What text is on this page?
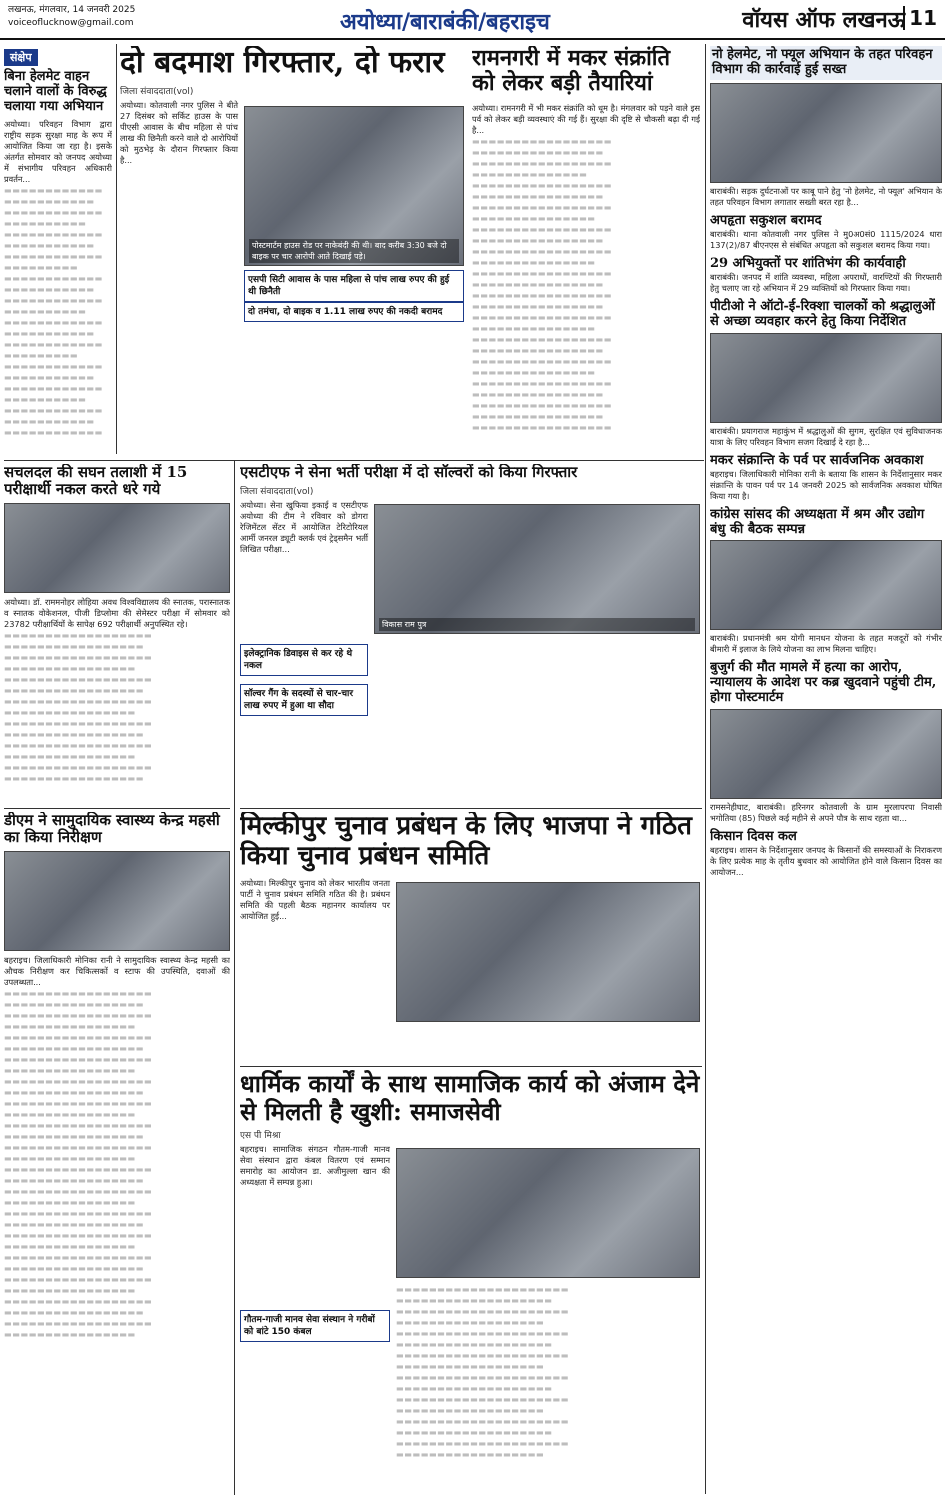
लखनऊ, मंगलवार, 14 जनवरी 2025
voiceoflucknow@gmail.com	अयोध्या/बाराबंकी/बहराइच	वॉयस ऑफ लखनऊ 11
संक्षेप
बिना हेलमेट वाहन चलाने वालों के विरुद्ध चलाया गया अभियान
अयोध्या। परिवहन विभाग द्वारा राष्ट्रीय सड़क सुरक्षा माह के रूप में आयोजित किया जा रहा है। इसके अंतर्गत सोमवार को जनपद अयोध्या में संभागीय परिवहन अधिकारी प्रवर्तन...
▬▬▬▬▬▬▬▬▬▬▬▬ ▬▬▬▬▬▬▬▬▬▬▬ ▬▬▬▬▬▬▬▬▬▬▬▬ ▬▬▬▬▬▬▬▬▬▬ ▬▬▬▬▬▬▬▬▬▬▬▬ ▬▬▬▬▬▬▬▬▬▬▬ ▬▬▬▬▬▬▬▬▬▬▬▬ ▬▬▬▬▬▬▬▬▬ ▬▬▬▬▬▬▬▬▬▬▬▬ ▬▬▬▬▬▬▬▬▬▬▬ ▬▬▬▬▬▬▬▬▬▬▬▬ ▬▬▬▬▬▬▬▬▬▬ ▬▬▬▬▬▬▬▬▬▬▬▬ ▬▬▬▬▬▬▬▬▬▬▬ ▬▬▬▬▬▬▬▬▬▬▬▬ ▬▬▬▬▬▬▬▬▬ ▬▬▬▬▬▬▬▬▬▬▬▬ ▬▬▬▬▬▬▬▬▬▬▬ ▬▬▬▬▬▬▬▬▬▬▬▬ ▬▬▬▬▬▬▬▬▬▬ ▬▬▬▬▬▬▬▬▬▬▬▬ ▬▬▬▬▬▬▬▬▬▬▬ ▬▬▬▬▬▬▬▬▬▬▬▬
दो बदमाश गिरफ्तार, दो फरार
जिला संवाददाता(vol)
अयोध्या। कोतवाली नगर पुलिस ने बीते 27 दिसंबर को सर्किट हाउस के पास पीएसी आवास के बीच महिला से पांच लाख की छिनैती करने वाले दो आरोपियों को मुठभेड़ के दौरान गिरफ्तार किया है...
पोस्टमार्टम हाउस रोड पर नाकेबंदी की थी। बाद करीब 3:30 बजे दो बाइक पर चार आरोपी आते दिखाई पड़े।
एसपी सिटी आवास के पास महिला से पांच लाख रुपए की हुई थी छिनैती
दो तमंचा, दो बाइक व 1.11 लाख रुपए की नकदी बरामद
रामनगरी में मकर संक्रांति को लेकर बड़ी तैयारियां
अयोध्या। रामनगरी में भी मकर संक्रांति को धूम है। मंगलवार को पड़ने वाले इस पर्व को लेकर बड़ी व्यवस्थाएं की गई हैं। सुरक्षा की दृष्टि से चौकसी बढ़ा दी गई है...
▬▬▬▬▬▬▬▬▬▬▬▬▬▬▬▬▬ ▬▬▬▬▬▬▬▬▬▬▬▬▬▬▬▬ ▬▬▬▬▬▬▬▬▬▬▬▬▬▬▬▬▬ ▬▬▬▬▬▬▬▬▬▬▬▬▬▬ ▬▬▬▬▬▬▬▬▬▬▬▬▬▬▬▬▬ ▬▬▬▬▬▬▬▬▬▬▬▬▬▬▬▬ ▬▬▬▬▬▬▬▬▬▬▬▬▬▬▬▬▬ ▬▬▬▬▬▬▬▬▬▬▬▬▬▬▬ ▬▬▬▬▬▬▬▬▬▬▬▬▬▬▬▬▬ ▬▬▬▬▬▬▬▬▬▬▬▬▬▬▬▬ ▬▬▬▬▬▬▬▬▬▬▬▬▬▬▬▬▬ ▬▬▬▬▬▬▬▬▬▬▬▬▬▬▬ ▬▬▬▬▬▬▬▬▬▬▬▬▬▬▬▬▬ ▬▬▬▬▬▬▬▬▬▬▬▬▬▬▬▬ ▬▬▬▬▬▬▬▬▬▬▬▬▬▬▬▬▬ ▬▬▬▬▬▬▬▬▬▬▬▬▬▬▬▬ ▬▬▬▬▬▬▬▬▬▬▬▬▬▬▬▬▬ ▬▬▬▬▬▬▬▬▬▬▬▬▬▬▬ ▬▬▬▬▬▬▬▬▬▬▬▬▬▬▬▬▬ ▬▬▬▬▬▬▬▬▬▬▬▬▬▬▬▬ ▬▬▬▬▬▬▬▬▬▬▬▬▬▬▬▬▬ ▬▬▬▬▬▬▬▬▬▬▬▬▬▬▬ ▬▬▬▬▬▬▬▬▬▬▬▬▬▬▬▬▬ ▬▬▬▬▬▬▬▬▬▬▬▬▬▬▬▬ ▬▬▬▬▬▬▬▬▬▬▬▬▬▬▬▬▬ ▬▬▬▬▬▬▬▬▬▬▬▬▬▬▬▬ ▬▬▬▬▬▬▬▬▬▬▬▬▬▬▬▬▬
नो हेलमेट, नो फ्यूल अभियान के तहत परिवहन विभाग की कार्रवाई हुई सख्त
बाराबंकी। सड़क दुर्घटनाओं पर काबू पाने हेतु 'नो हेलमेट, नो फ्यूल' अभियान के तहत परिवहन विभाग लगातार सख्ती बरत रहा है...
अपहृता सकुशल बरामद
बाराबंकी। थाना कोतवाली नगर पुलिस ने मु0अ0सं0 1115/2024 धारा 137(2)/87 बीएनएस से संबंधित अपहृता को सकुशल बरामद किया गया।
29 अभियुक्तों पर शांतिभंग की कार्यवाही
बाराबंकी। जनपद में शांति व्यवस्था, महिला अपराधों, वारण्टियों की गिरफ्तारी हेतु चलाए जा रहे अभियान में 29 व्यक्तियों को गिरफ्तार किया गया।
पीटीओ ने ऑटो-ई-रिक्शा चालकों को श्रद्धालुओं से अच्छा व्यवहार करने हेतु किया निर्देशित
बाराबंकी। प्रयागराज महाकुंभ में श्रद्धालुओं की सुगम, सुरक्षित एवं सुविधाजनक यात्रा के लिए परिवहन विभाग सजग दिखाई दे रहा है...
मकर संक्रान्ति के पर्व पर सार्वजनिक अवकाश
बहराइच। जिलाधिकारी मोनिका रानी के बताया कि शासन के निर्देशानुसार मकर संक्रान्ति के पावन पर्व पर 14 जनवरी 2025 को सार्वजनिक अवकाश घोषित किया गया है।
कांग्रेस सांसद की अध्यक्षता में श्रम और उद्योग बंधु की बैठक सम्पन्न
बाराबंकी। प्रधानमंत्री श्रम योगी मानधन योजना के तहत मजदूरों को गंभीर बीमारी में इलाज के लिये योजना का लाभ मिलना चाहिए।
बुजुर्ग की मौत मामले में हत्या का आरोप, न्यायालय के आदेश पर कब्र खुदवाने पहुंची टीम, होगा पोस्टमार्टम
रामसनेहीघाट, बाराबंकी। हरिनगर कोतवाली के ग्राम मुरलापरपा निवासी भगोतिया (85) पिछले कई महीने से अपने पौत्र के साथ रहता था...
किसान दिवस कल
बहराइच। शासन के निर्देशानुसार जनपद के किसानों की समस्याओं के निराकरण के लिए प्रत्येक माह के तृतीय बुधवार को आयोजित होने वाले किसान दिवस का आयोजन...
सचलदल की सघन तलाशी में 15 परीक्षार्थी नकल करते धरे गये
अयोध्या। डॉ. राममनोहर लोहिया अवध विश्वविद्यालय की स्नातक, परास्नातक व स्नातक वोकेशनल, पीजी डिप्लोमा की सेमेस्टर परीक्षा में सोमवार को 23782 परीक्षार्थियों के सापेक्ष 692 परीक्षार्थी अनुपस्थित रहे।
▬▬▬▬▬▬▬▬▬▬▬▬▬▬▬▬▬▬ ▬▬▬▬▬▬▬▬▬▬▬▬▬▬▬▬▬ ▬▬▬▬▬▬▬▬▬▬▬▬▬▬▬▬▬▬ ▬▬▬▬▬▬▬▬▬▬▬▬▬▬▬▬ ▬▬▬▬▬▬▬▬▬▬▬▬▬▬▬▬▬▬ ▬▬▬▬▬▬▬▬▬▬▬▬▬▬▬▬▬ ▬▬▬▬▬▬▬▬▬▬▬▬▬▬▬▬▬▬ ▬▬▬▬▬▬▬▬▬▬▬▬▬▬▬▬ ▬▬▬▬▬▬▬▬▬▬▬▬▬▬▬▬▬▬ ▬▬▬▬▬▬▬▬▬▬▬▬▬▬▬▬▬ ▬▬▬▬▬▬▬▬▬▬▬▬▬▬▬▬▬▬ ▬▬▬▬▬▬▬▬▬▬▬▬▬▬▬▬ ▬▬▬▬▬▬▬▬▬▬▬▬▬▬▬▬▬▬ ▬▬▬▬▬▬▬▬▬▬▬▬▬▬▬▬▬
एसटीएफ ने सेना भर्ती परीक्षा में दो सॉल्वरों को किया गिरफ्तार
जिला संवाददाता(vol)
अयोध्या। सेना खुफिया इकाई व एसटीएफ अयोध्या की टीम ने रविवार को डोगरा रेजिमेंटल सेंटर में आयोजित टेरिटोरियल आर्मी जनरल ड्यूटी क्लर्क एवं ट्रेड्समैन भर्ती लिखित परीक्षा...
विकास राम पुत्र
इलेक्ट्रानिक डिवाइस से कर रहे थे नकल
सॉल्वर गैंग के सदस्यों से चार-चार लाख रुपए में हुआ था सौदा
डीएम ने सामुदायिक स्वास्थ्य केन्द्र महसी का किया निरीक्षण
बहराइच। जिलाधिकारी मोनिका रानी ने सामुदायिक स्वास्थ्य केन्द्र महसी का औचक निरीक्षण कर चिकित्सकों व स्टाफ की उपस्थिति, दवाओं की उपलब्धता...
▬▬▬▬▬▬▬▬▬▬▬▬▬▬▬▬▬▬ ▬▬▬▬▬▬▬▬▬▬▬▬▬▬▬▬▬ ▬▬▬▬▬▬▬▬▬▬▬▬▬▬▬▬▬▬ ▬▬▬▬▬▬▬▬▬▬▬▬▬▬▬▬ ▬▬▬▬▬▬▬▬▬▬▬▬▬▬▬▬▬▬ ▬▬▬▬▬▬▬▬▬▬▬▬▬▬▬▬▬ ▬▬▬▬▬▬▬▬▬▬▬▬▬▬▬▬▬▬ ▬▬▬▬▬▬▬▬▬▬▬▬▬▬▬▬ ▬▬▬▬▬▬▬▬▬▬▬▬▬▬▬▬▬▬ ▬▬▬▬▬▬▬▬▬▬▬▬▬▬▬▬▬ ▬▬▬▬▬▬▬▬▬▬▬▬▬▬▬▬▬▬ ▬▬▬▬▬▬▬▬▬▬▬▬▬▬▬▬ ▬▬▬▬▬▬▬▬▬▬▬▬▬▬▬▬▬▬ ▬▬▬▬▬▬▬▬▬▬▬▬▬▬▬▬▬ ▬▬▬▬▬▬▬▬▬▬▬▬▬▬▬▬▬▬ ▬▬▬▬▬▬▬▬▬▬▬▬▬▬▬▬ ▬▬▬▬▬▬▬▬▬▬▬▬▬▬▬▬▬▬ ▬▬▬▬▬▬▬▬▬▬▬▬▬▬▬▬▬ ▬▬▬▬▬▬▬▬▬▬▬▬▬▬▬▬▬▬ ▬▬▬▬▬▬▬▬▬▬▬▬▬▬▬▬ ▬▬▬▬▬▬▬▬▬▬▬▬▬▬▬▬▬▬ ▬▬▬▬▬▬▬▬▬▬▬▬▬▬▬▬▬ ▬▬▬▬▬▬▬▬▬▬▬▬▬▬▬▬▬▬ ▬▬▬▬▬▬▬▬▬▬▬▬▬▬▬▬ ▬▬▬▬▬▬▬▬▬▬▬▬▬▬▬▬▬▬ ▬▬▬▬▬▬▬▬▬▬▬▬▬▬▬▬▬ ▬▬▬▬▬▬▬▬▬▬▬▬▬▬▬▬▬▬ ▬▬▬▬▬▬▬▬▬▬▬▬▬▬▬▬ ▬▬▬▬▬▬▬▬▬▬▬▬▬▬▬▬▬▬ ▬▬▬▬▬▬▬▬▬▬▬▬▬▬▬▬▬ ▬▬▬▬▬▬▬▬▬▬▬▬▬▬▬▬▬▬ ▬▬▬▬▬▬▬▬▬▬▬▬▬▬▬▬
मिल्कीपुर चुनाव प्रबंधन के लिए भाजपा ने गठित किया चुनाव प्रबंधन समिति
अयोध्या। मिल्कीपुर चुनाव को लेकर भारतीय जनता पार्टी ने चुनाव प्रबंधन समिति गठित की है। प्रबंधन समिति की पहली बैठक महानगर कार्यालय पर आयोजित हुई...
धार्मिक कार्यों के साथ सामाजिक कार्य को अंजाम देने से मिलती है खुशी: समाजसेवी
एस पी मिश्रा
बहराइच। सामाजिक संगठन गौतम-गाजी मानव सेवा संस्थान द्वारा कंबल वितरण एवं सम्मान समारोह का आयोजन डा. अजीमुल्ला खान की अध्यक्षता में सम्पन्न हुआ।
गौतम-गाजी मानव सेवा संस्थान ने गरीबों को बांटे 150 कंबल
▬▬▬▬▬▬▬▬▬▬▬▬▬▬▬▬▬▬▬▬▬ ▬▬▬▬▬▬▬▬▬▬▬▬▬▬▬▬▬▬▬ ▬▬▬▬▬▬▬▬▬▬▬▬▬▬▬▬▬▬▬▬▬ ▬▬▬▬▬▬▬▬▬▬▬▬▬▬▬▬▬▬ ▬▬▬▬▬▬▬▬▬▬▬▬▬▬▬▬▬▬▬▬▬ ▬▬▬▬▬▬▬▬▬▬▬▬▬▬▬▬▬▬▬ ▬▬▬▬▬▬▬▬▬▬▬▬▬▬▬▬▬▬▬▬▬ ▬▬▬▬▬▬▬▬▬▬▬▬▬▬▬▬▬▬ ▬▬▬▬▬▬▬▬▬▬▬▬▬▬▬▬▬▬▬▬▬ ▬▬▬▬▬▬▬▬▬▬▬▬▬▬▬▬▬▬▬ ▬▬▬▬▬▬▬▬▬▬▬▬▬▬▬▬▬▬▬▬▬ ▬▬▬▬▬▬▬▬▬▬▬▬▬▬▬▬▬▬ ▬▬▬▬▬▬▬▬▬▬▬▬▬▬▬▬▬▬▬▬▬ ▬▬▬▬▬▬▬▬▬▬▬▬▬▬▬▬▬▬▬ ▬▬▬▬▬▬▬▬▬▬▬▬▬▬▬▬▬▬▬▬▬ ▬▬▬▬▬▬▬▬▬▬▬▬▬▬▬▬▬▬
